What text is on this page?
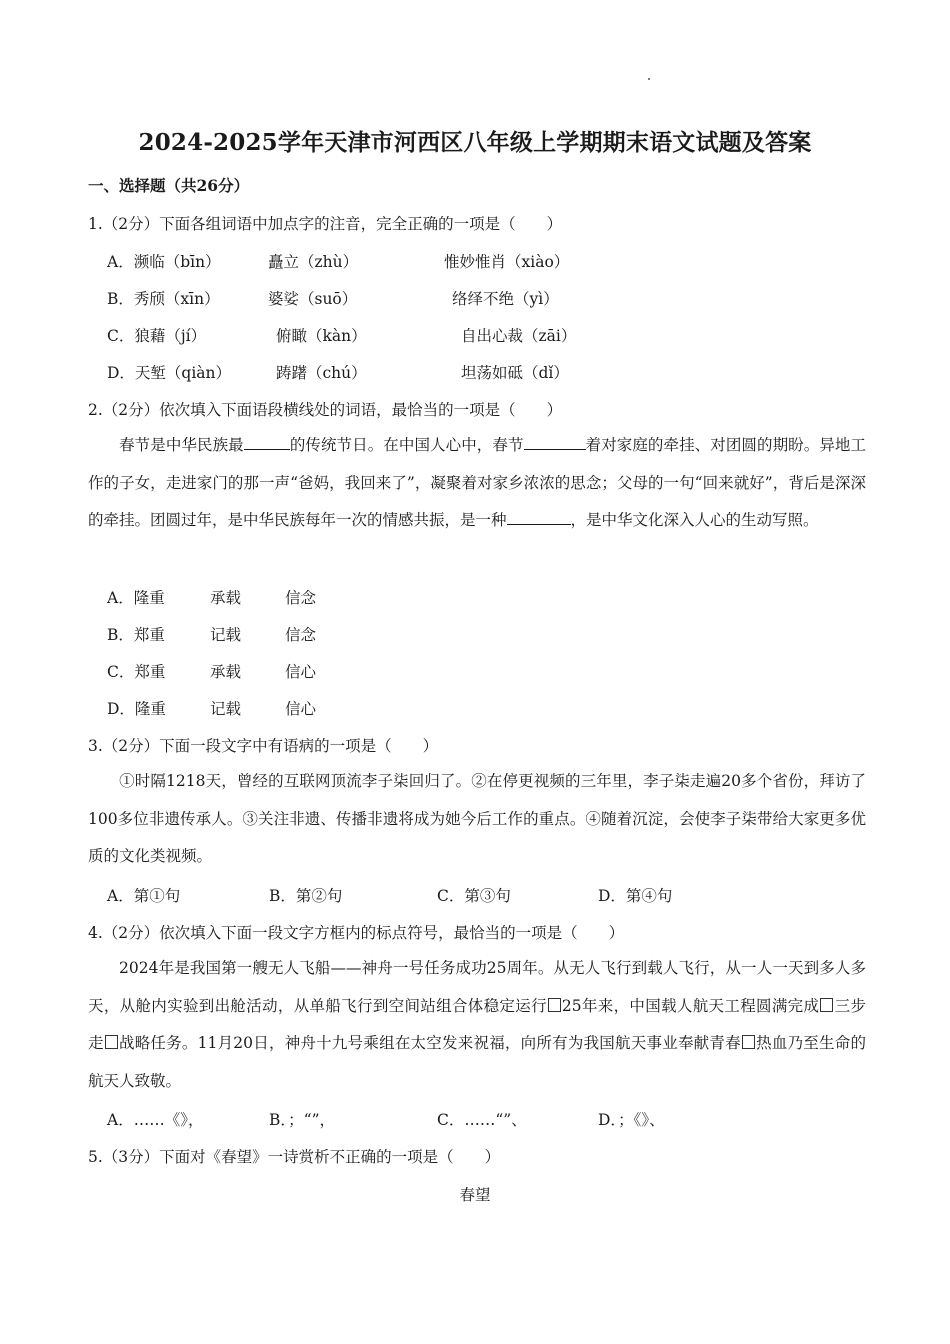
2024-2025学年天津市河西区八年级上学期期末语文试题及答案
一、选择题（共26分）
1.（2分）下面各组词语中加点字的注音，完全正确的一项是（　　）
A．濒临（bīn）	矗立（zhù）	惟妙惟肖（xiào）
B．秀颀（xīn）	婆娑（suō）	络绎不绝（yì）
C．狼藉（jí）	俯瞰（kàn）	自出心裁（zāi）
D．天堑（qiàn）	踌躇（chú）	坦荡如砥（dǐ）
2.（2分）依次填入下面语段横线处的词语，最恰当的一项是（　　）
春节是中华民族最	的传统节日。在中国人心中，春节	着对家庭的牵挂、对团圆的期盼。异地工作的子女，走进家门的那一声“爸妈，我回来了”，凝聚着对家乡浓浓的思念；父母的一句“回来就好”，背后是深深的牵挂。团圆过年，是中华民族每年一次的情感共振，是一种	，是中华文化深入人心的生动写照。
A．隆重	承载	信念
B．郑重	记载	信念
C．郑重	承载	信心
D．隆重	记载	信心
3.（2分）下面一段文字中有语病的一项是（　　）
①时隔1218天，曾经的互联网顶流李子柒回归了。②在停更视频的三年里，李子柒走遍20多个省份，拜访了100多位非遗传承人。③关注非遗、传播非遗将成为她今后工作的重点。④随着沉淀，会使李子柒带给大家更多优质的文化类视频。
A．第①句	B．第②句	C．第③句	D．第④句
4.（2分）依次填入下面一段文字方框内的标点符号，最恰当的一项是（　　）
2024年是我国第一艘无人飞船——神舟一号任务成功25周年。从无人飞行到载人飞行，从一人一天到多人多天，从舱内实验到出舱活动，从单船飞行到空间站组合体稳定运行 25年来，中国载人航天工程圆满完成 三步走 战略任务。11月20日，神舟十九号乘组在太空发来祝福，向所有为我国航天事业奉献青春 热血乃至生命的航天人致敬。
A．……《》，	B．；“”，	C．……“”、	D．；《》、
5.（3分）下面对《春望》一诗赏析不正确的一项是（　　）
春望
